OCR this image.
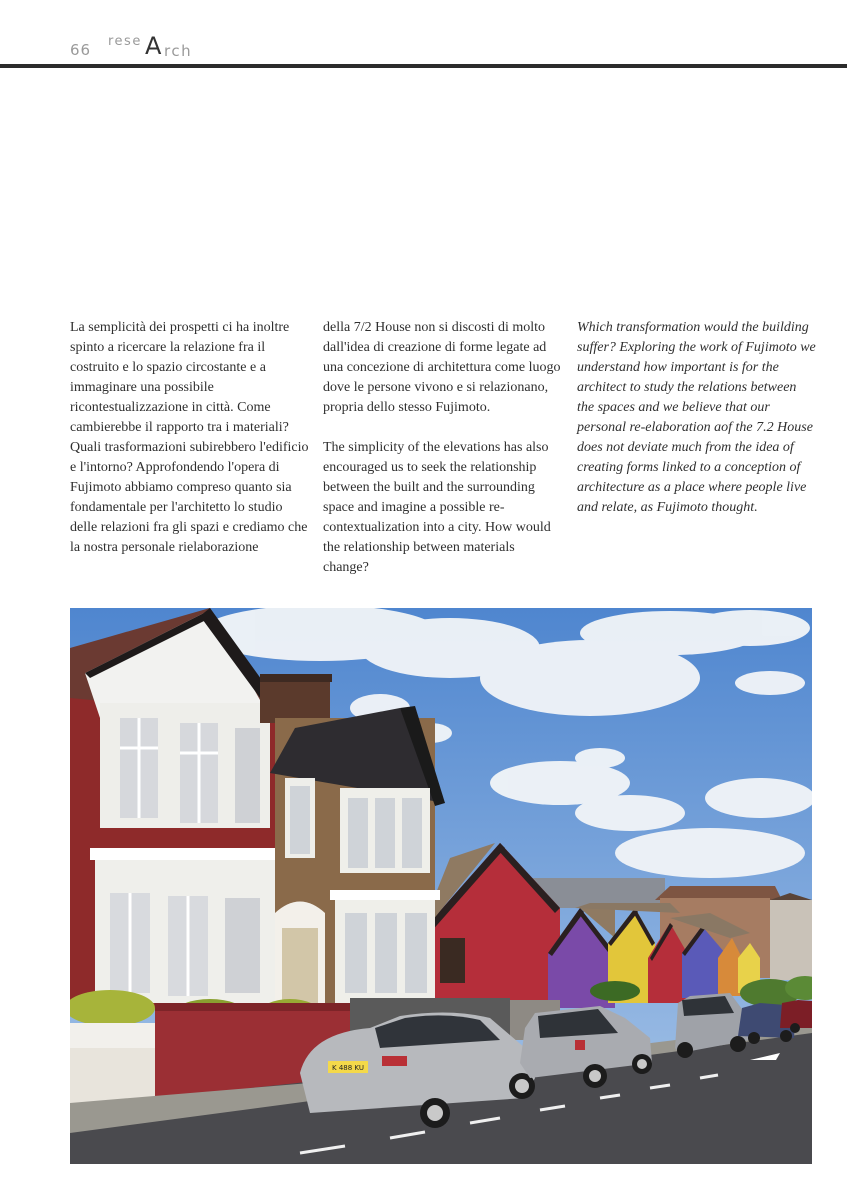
66 rese A rch

La semplicità dei prospetti ci ha inoltre spinto a ricercare la relazione fra il costruito e lo spazio circostante e a immaginare una possibile ricontestualizzazione in città. Come cambierebbe il rapporto tra i materiali? Quali trasformazioni subirebbero l'edificio e l'intorno? Approfondendo l'opera di Fujimoto abbiamo compreso quanto sia fondamentale per l'architetto lo studio delle relazioni fra gli spazi e crediamo che la nostra personale rielaborazione

della 7/2 House non si discosti di molto dall'idea di creazione di forme legate ad una concezione di architettura come luogo dove le persone vivono e si relazionano, propria dello stesso Fujimoto.

The simplicity of the elevations has also encouraged us to seek the relationship between the built and the surrounding space and imagine a possible re-contextualization into a city. How would the relationship between materials change?

Which transformation would the building suffer? Exploring the work of Fujimoto we understand how important is for the architect to study the relations between the spaces and we believe that our personal re-elaboration aof the 7.2 House does not deviate much from the idea of creating forms linked to a conception of architecture as a place where people live and relate, as Fujimoto thought.

K 488 KU
